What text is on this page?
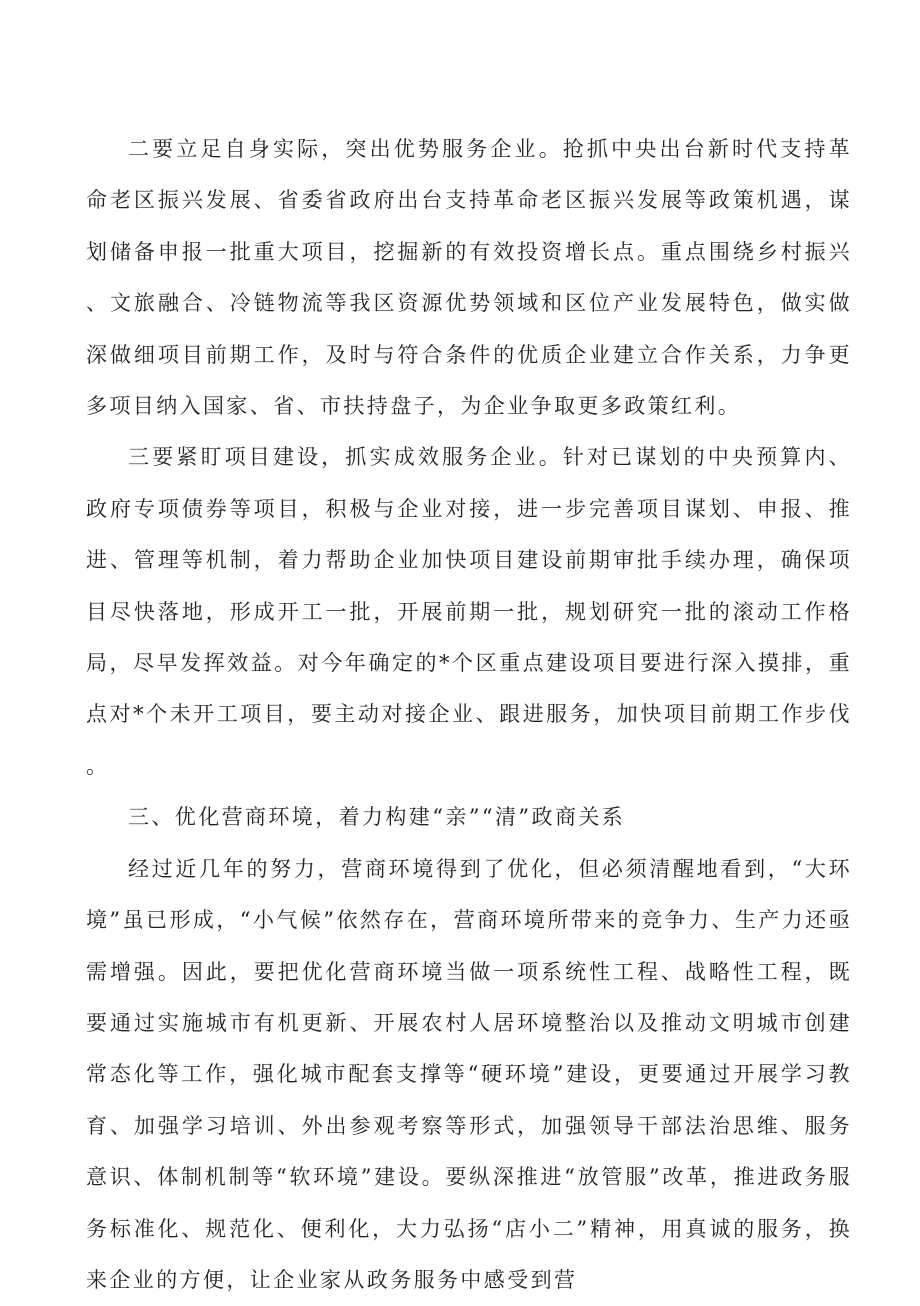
二要立足自身实际，突出优势服务企业。抢抓中央出台新时代支持革命老区振兴发展、省委省政府出台支持革命老区振兴发展等政策机遇，谋划储备申报一批重大项目，挖掘新的有效投资增长点。重点围绕乡村振兴、文旅融合、冷链物流等我区资源优势领域和区位产业发展特色，做实做深做细项目前期工作，及时与符合条件的优质企业建立合作关系，力争更多项目纳入国家、省、市扶持盘子，为企业争取更多政策红利。

三要紧盯项目建设，抓实成效服务企业。针对已谋划的中央预算内、政府专项债券等项目，积极与企业对接，进一步完善项目谋划、申报、推进、管理等机制，着力帮助企业加快项目建设前期审批手续办理，确保项目尽快落地，形成开工一批，开展前期一批，规划研究一批的滚动工作格局，尽早发挥效益。对今年确定的*个区重点建设项目要进行深入摸排，重点对*个未开工项目，要主动对接企业、跟进服务，加快项目前期工作步伐。

三、优化营商环境，着力构建“亲”“清”政商关系

经过近几年的努力，营商环境得到了优化，但必须清醒地看到，“大环境”虽已形成，“小气候”依然存在，营商环境所带来的竞争力、生产力还亟需增强。因此，要把优化营商环境当做一项系统性工程、战略性工程，既要通过实施城市有机更新、开展农村人居环境整治以及推动文明城市创建常态化等工作，强化城市配套支撑等“硬环境”建设，更要通过开展学习教育、加强学习培训、外出参观考察等形式，加强领导干部法治思维、服务意识、体制机制等“软环境”建设。要纵深推进“放管服”改革，推进政务服务标准化、规范化、便利化，大力弘扬“店小二”精神，用真诚的服务，换来企业的方便，让企业家从政务服务中感受到营
